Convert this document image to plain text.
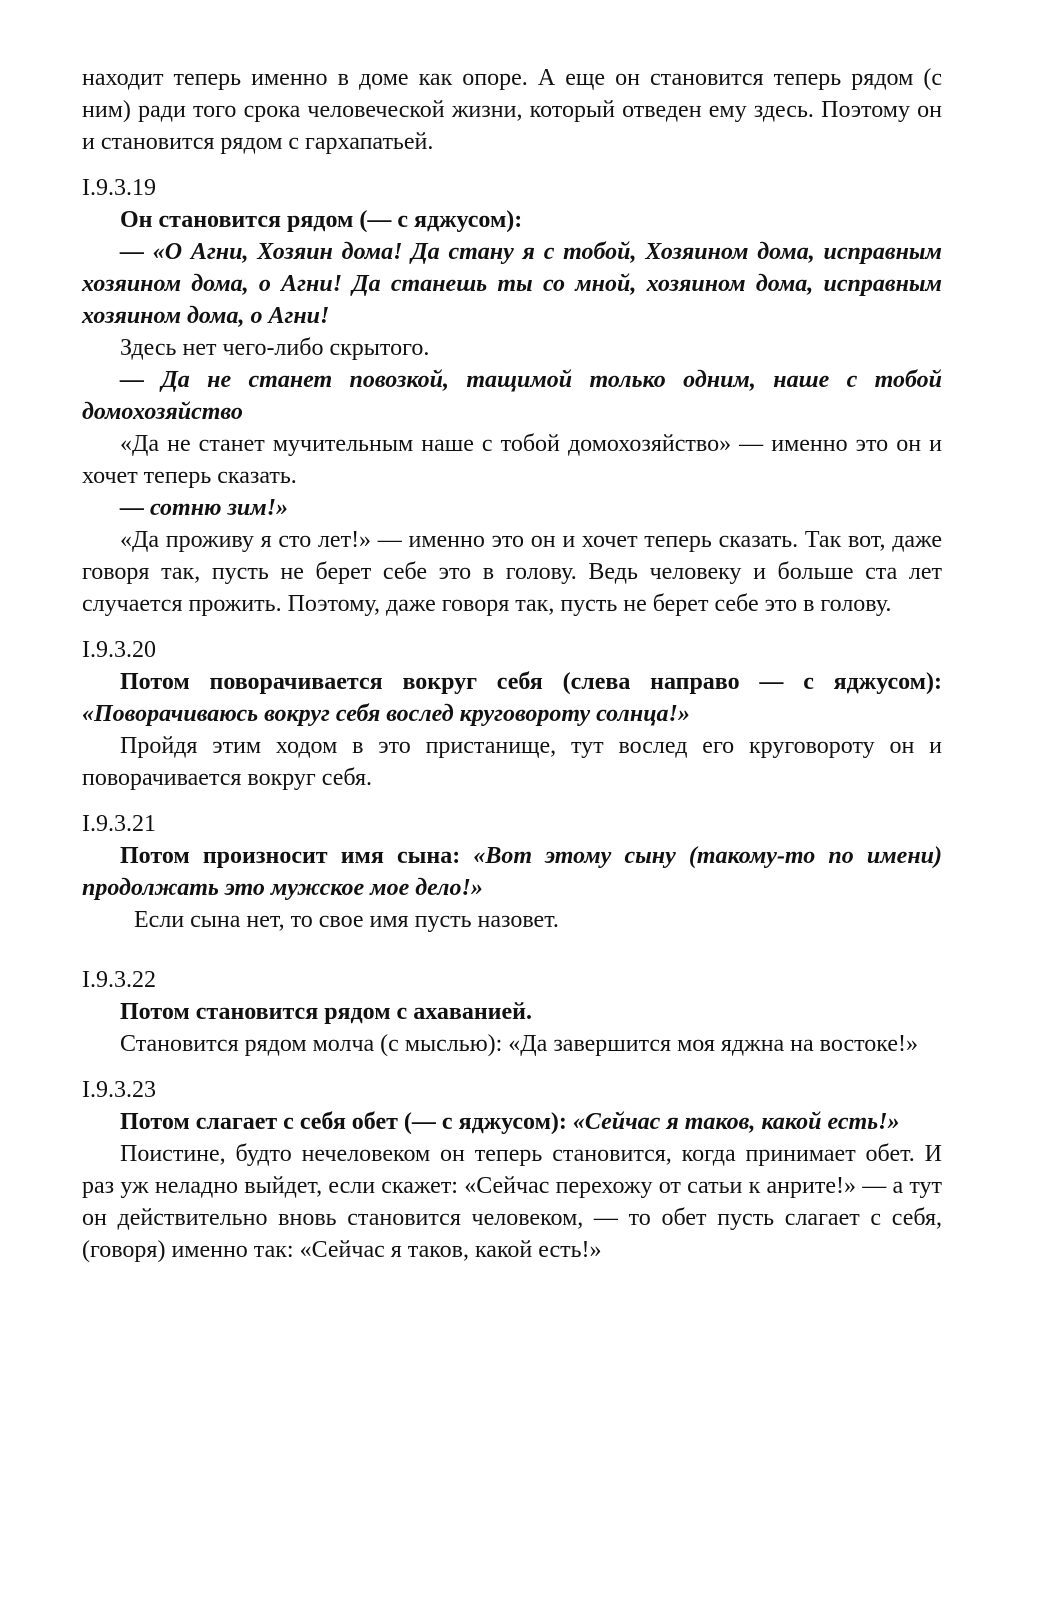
находит теперь именно в доме как опоре. А еще он становится теперь рядом (с ним) ради того срока человеческой жизни, который отведен ему здесь. Поэтому он и становится рядом с гархапатьей.

I.9.3.19

Он становится рядом (— с яджусом):

— «О Агни, Хозяин дома! Да стану я с тобой, Хозяином дома, исправным хозяином дома, о Агни! Да станешь ты со мной, хозяином дома, исправным хозяином дома, о Агни!

Здесь нет чего-либо скрытого.

— Да не станет повозкой, тащимой только одним, наше с тобой домохозяйство

«Да не станет мучительным наше с тобой домохозяйство» — именно это он и хочет теперь сказать.

— сотню зим!»

«Да проживу я сто лет!» — именно это он и хочет теперь сказать. Так вот, даже говоря так, пусть не берет себе это в голову. Ведь человеку и больше ста лет случается прожить. Поэтому, даже говоря так, пусть не берет себе это в голову.

I.9.3.20

Потом поворачивается вокруг себя (слева направо — с яджусом): «Поворачиваюсь вокруг себя вослед круговороту солнца!»

Пройдя этим ходом в это пристанище, тут вослед его круговороту он и поворачивается вокруг себя.

I.9.3.21

Потом произносит имя сына: «Вот этому сыну (такому-то по имени) продолжать это мужское мое дело!»

Если сына нет, то свое имя пусть назовет.

I.9.3.22

Потом становится рядом с ахаванией.

Становится рядом молча (с мыслью): «Да завершится моя яджна на востоке!»

I.9.3.23

Потом слагает с себя обет (— с яджусом): «Сейчас я таков, какой есть!»

Поистине, будто нечеловеком он теперь становится, когда принимает обет. И раз уж неладно выйдет, если скажет: «Сейчас перехожу от сатьи к анрите!» — а тут он действительно вновь становится человеком, — то обет пусть слагает с себя, (говоря) именно так: «Сейчас я таков, какой есть!»
